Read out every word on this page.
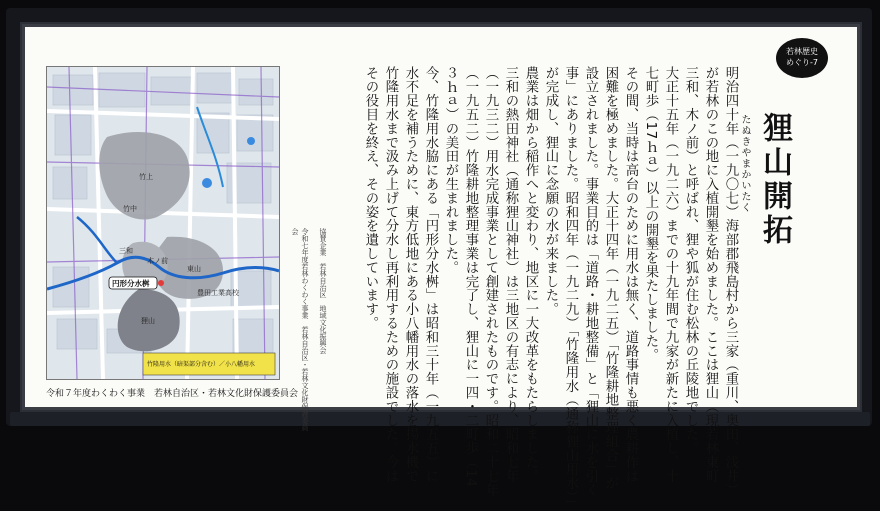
竹上
竹中
東山
狸山
豊田工業高校
三和
木ノ前
円形分水桝
竹隆用水（暗渠部分含む）／小八幡用水
令和７年度わくわく事業　若林自治区・若林文化財保護委員会
協賛企業　若林自治区　地域文化振興会
令和七年度若林わくわく事業　若林自治区・若林文化財保護委員会
若林歴史
めぐり-7
狸山開拓
たぬきやまかいたく
明治四十年（一九〇七）海部郡飛島村から三家（重川、奥田、浅井）
が若林のこの地に入植開墾を始めました。ここは狸山（現若林東町
三和、木ノ前）と呼ばれ、狸や狐が住む松林の丘陵地でした。
大正十五年（一九二六）までの十九年間で九家が新たに入植し、十
七町歩（17ｈａ）以上の開墾を果たしました。
その間、当時は高台のために用水は無く、道路事情も悪く農耕作は
困難を極めました。大正十四年（一九二五）「竹隆耕地整理組合」が
設立されました。事業目的は「道路・耕地整備」と「狸山に水を引く
事」にありました。昭和四年（一九二九）「竹隆用水（通称狸山用水）」
が完成し、狸山に念願の水が来ました。
農業は畑から稲作へと変わり、地区に一大改革をもたらしました。
三和の熱田神社（通称狸山神社）は三地区の有志により、昭和七年
（一九三二）用水完成事業として創建されたものです。昭和二十七年
（一九五二）竹隆耕地整理事業は完了し、狸山に一四・二町歩（14
３ｈａ）の美田が生まれました。
今、竹隆用水脇にある「円形分水桝」は昭和三十年（一九五五）に
水不足を補うために、東方低地にある小八幡用水の落水を揚水機で
竹隆用水まで汲み上げて分水し再利用するための施設でした。今は
その役目を終え、その姿を遺しています。
